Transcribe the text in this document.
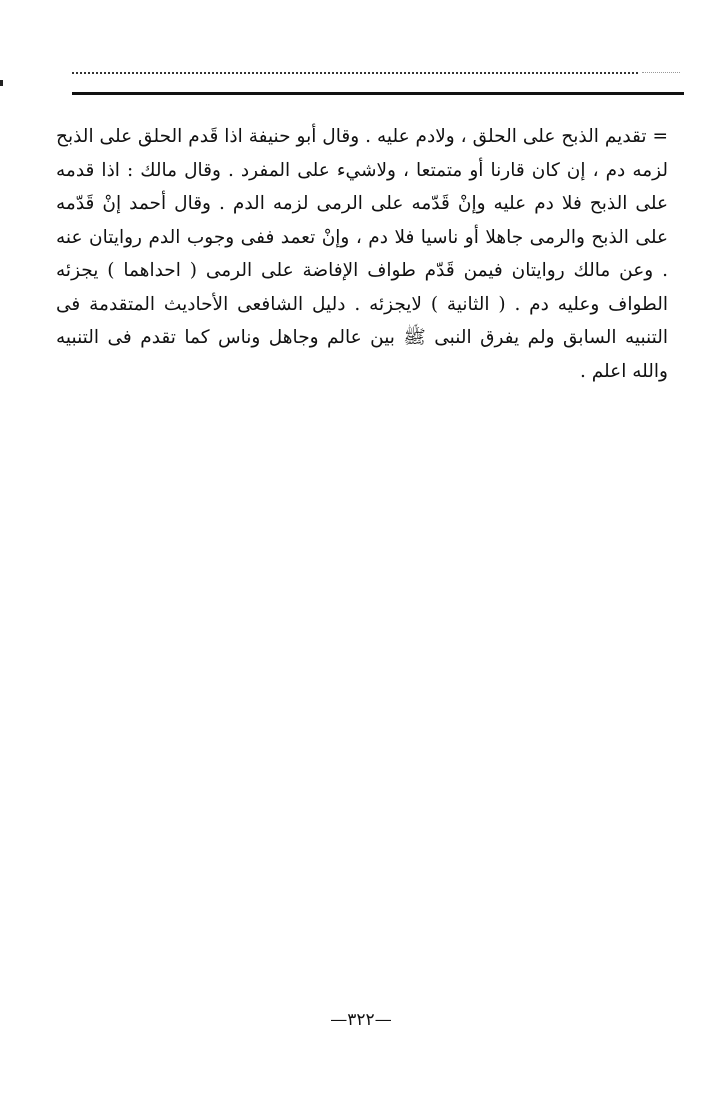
= تقديم الذبح على الحلق ، ولادم عليه . وقال أبو حنيفة اذا قَدم الحلق على الذبح لزمه دم ، إن كان قارنا أو متمتعا ، ولاشيء على المفرد . وقال مالك : اذا قدمه على الذبح فلا دم عليه وإنْ قَدّمه على الرمى لزمه الدم . وقال أحمد إنْ قَدّمه على الذبح والرمى جاهلا أو ناسيا فلا دم ، وإنْ تعمد ففى وجوب الدم روايتان عنه . وعن مالك روايتان فيمن قَدّم طواف الإفاضة على الرمى ( احداهما ) يجزئه الطواف وعليه دم . ( الثانية ) لايجزئه . دليل الشافعى الأحاديث المتقدمة فى التنبيه السابق ولم يفرق النبى ﷺ بين عالم وجاهل وناس كما تقدم فى التنبيه والله اعلم .
—٣٢٢—
